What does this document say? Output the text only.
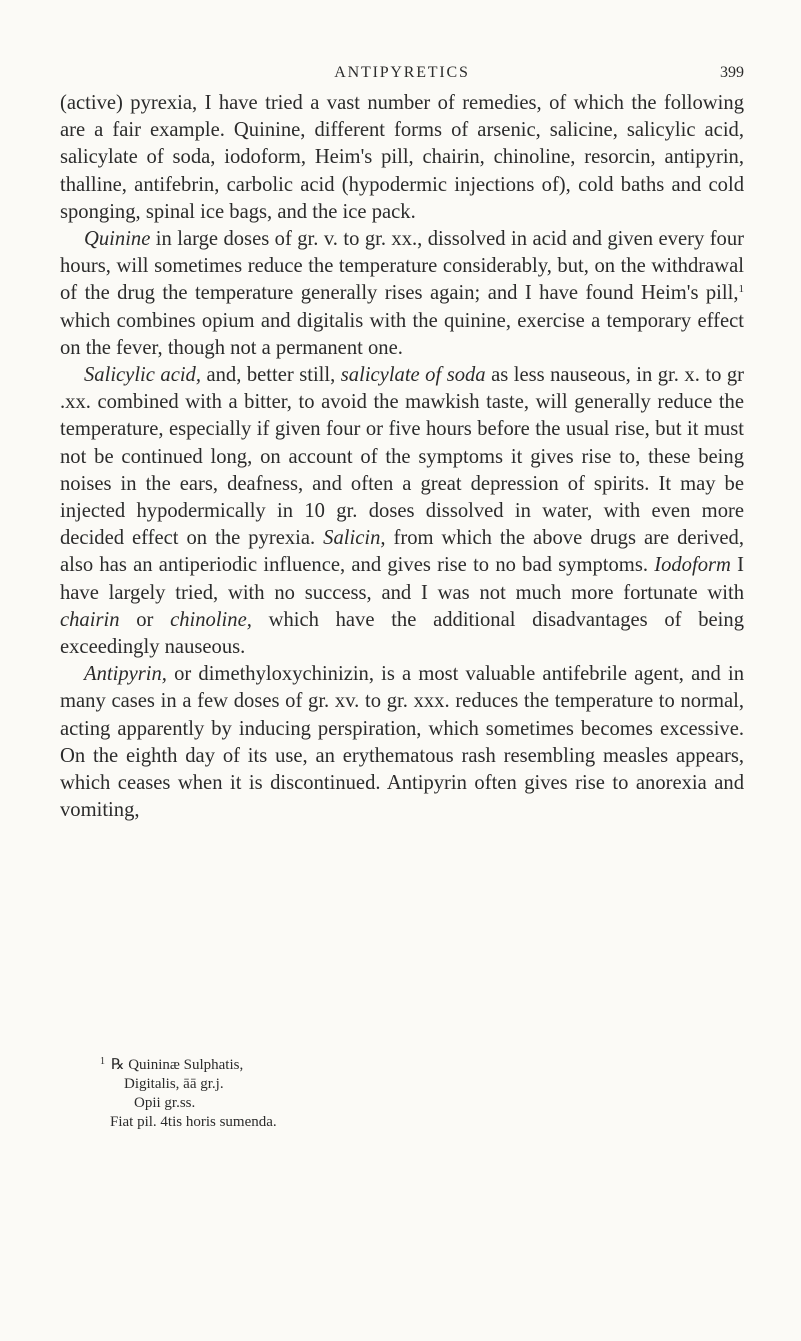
ANTIPYRETICS	399

(active) pyrexia, I have tried a vast number of remedies, of which the following are a fair example. Quinine, different forms of arsenic, salicine, salicylic acid, salicylate of soda, iodoform, Heim's pill, chairin, chinoline, resorcin, antipyrin, thalline, antifebrin, carbolic acid (hypodermic injections of), cold baths and cold sponging, spinal ice bags, and the ice pack.

Quinine in large doses of gr. v. to gr. xx., dissolved in acid and given every four hours, will sometimes reduce the temperature considerably, but, on the withdrawal of the drug the temperature generally rises again; and I have found Heim's pill,$^1$ which combines opium and digitalis with the quinine, exercise a temporary effect on the fever, though not a permanent one.

Salicylic acid, and, better still, salicylate of soda as less nauseous, in gr. x. to gr .xx. combined with a bitter, to avoid the mawkish taste, will generally reduce the temperature, especially if given four or five hours before the usual rise, but it must not be continued long, on account of the symptoms it gives rise to, these being noises in the ears, deafness, and often a great depression of spirits. It may be injected hypodermically in 10 gr. doses dissolved in water, with even more decided effect on the pyrexia. Salicin, from which the above drugs are derived, also has an antiperiodic influence, and gives rise to no bad symptoms. Iodoform I have largely tried, with no success, and I was not much more fortunate with chairin or chinoline, which have the additional disadvantages of being exceedingly nauseous.

Antipyrin, or dimethyloxychinizin, is a most valuable antifebrile agent, and in many cases in a few doses of gr. xv. to gr. xxx. reduces the temperature to normal, acting apparently by inducing perspiration, which sometimes becomes excessive. On the eighth day of its use, an erythematous rash resembling measles appears, which ceases when it is discontinued. Antipyrin often gives rise to anorexia and vomiting,

$^1$ ℞ Quininæ Sulphatis,
Digitalis, āā gr.j.
Opii gr.ss.
Fiat pil. 4tis horis sumenda.
